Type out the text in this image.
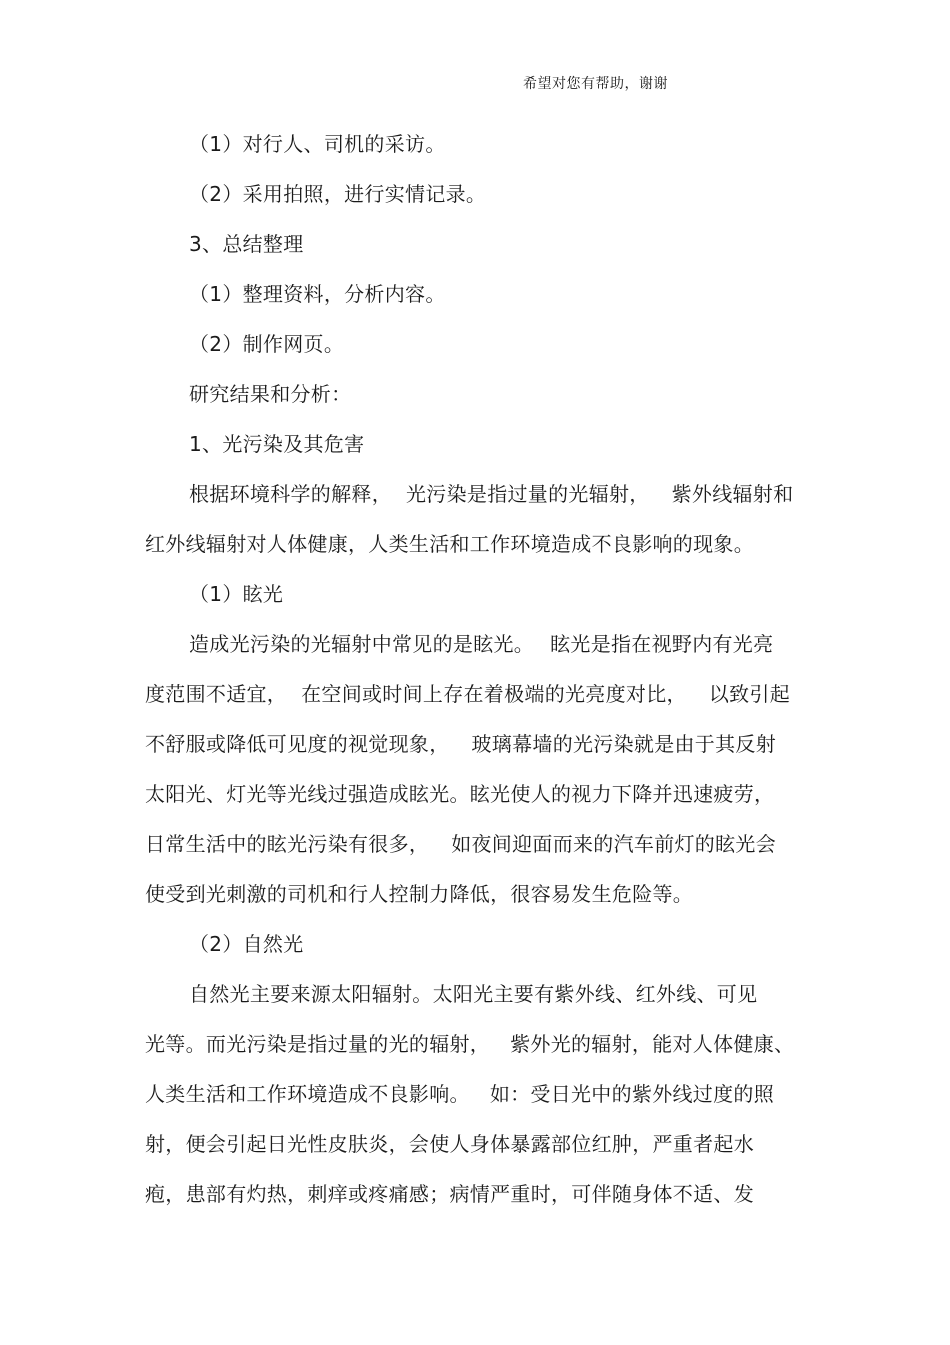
希望对您有帮助，谢谢
（1）对行人、司机的采访。
（2）采用拍照，进行实情记录。
3、总结整理
（1）整理资料，分析内容。
（2）制作网页。
研究结果和分析：
1、光污染及其危害
根据环境科学的解释， 光污染是指过量的光辐射， 紫外线辐射和
红外线辐射对人体健康，人类生活和工作环境造成不良影响的现象。
（1）眩光
造成光污染的光辐射中常见的是眩光。 眩光是指在视野内有光亮
度范围不适宜， 在空间或时间上存在着极端的光亮度对比， 以致引起
不舒服或降低可见度的视觉现象， 玻璃幕墙的光污染就是由于其反射
太阳光、灯光等光线过强造成眩光。眩光使人的视力下降并迅速疲劳，
日常生活中的眩光污染有很多， 如夜间迎面而来的汽车前灯的眩光会
使受到光刺激的司机和行人控制力降低，很容易发生危险等。
（2）自然光
自然光主要来源太阳辐射。太阳光主要有紫外线、红外线、可见
光等。而光污染是指过量的光的辐射， 紫外光的辐射，能对人体健康、
人类生活和工作环境造成不良影响。 如：受日光中的紫外线过度的照
射，便会引起日光性皮肤炎，会使人身体暴露部位红肿，严重者起水
疱，患部有灼热，刺痒或疼痛感；病情严重时，可伴随身体不适、发
